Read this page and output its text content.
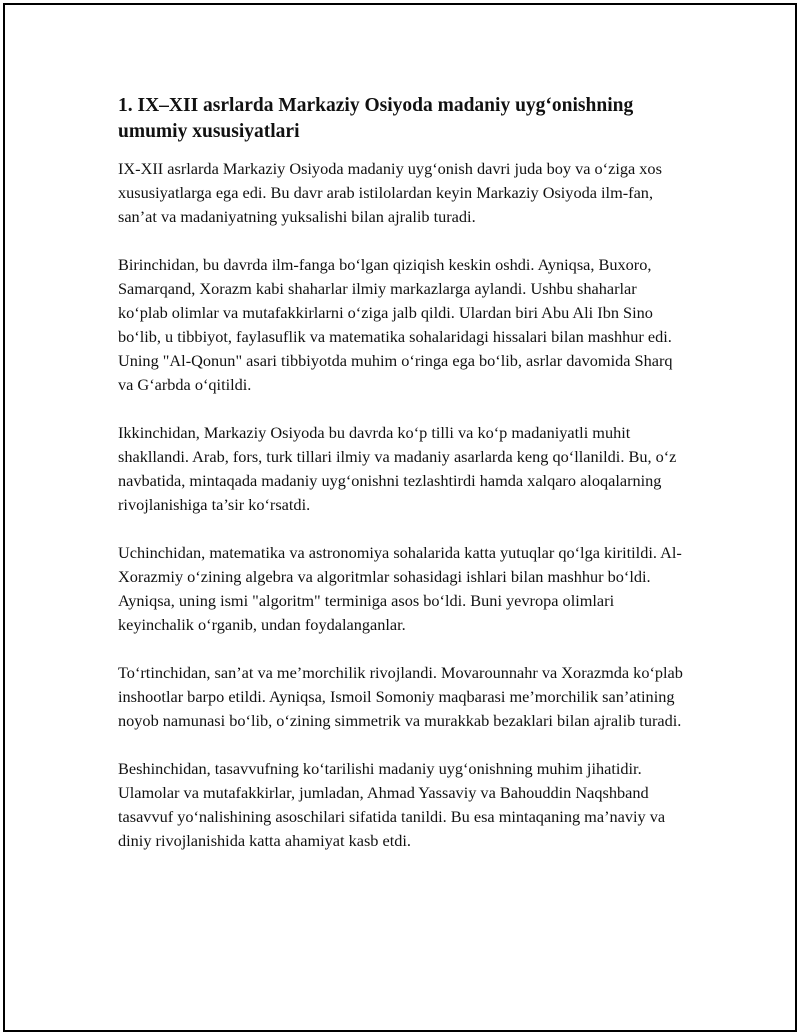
1. IX–XII asrlarda Markaziy Osiyoda madaniy uyg‘onishning umumiy xususiyatlari

IX-XII asrlarda Markaziy Osiyoda madaniy uyg‘onish davri juda boy va o‘ziga xos xususiyatlarga ega edi. Bu davr arab istilolardan keyin Markaziy Osiyoda ilm-fan, san’at va madaniyatning yuksalishi bilan ajralib turadi.

Birinchidan, bu davrda ilm-fanga bo‘lgan qiziqish keskin oshdi. Ayniqsa, Buxoro, Samarqand, Xorazm kabi shaharlar ilmiy markazlarga aylandi. Ushbu shaharlar ko‘plab olimlar va mutafakkirlarni o‘ziga jalb qildi. Ulardan biri Abu Ali Ibn Sino bo‘lib, u tibbiyot, faylasuflik va matematika sohalaridagi hissalari bilan mashhur edi. Uning "Al-Qonun" asari tibbiyotda muhim o‘ringa ega bo‘lib, asrlar davomida Sharq va G‘arbda o‘qitildi.

Ikkinchidan, Markaziy Osiyoda bu davrda ko‘p tilli va ko‘p madaniyatli muhit shakllandi. Arab, fors, turk tillari ilmiy va madaniy asarlarda keng qo‘llanildi. Bu, o‘z navbatida, mintaqada madaniy uyg‘onishni tezlashtirdi hamda xalqaro aloqalarning rivojlanishiga ta’sir ko‘rsatdi.

Uchinchidan, matematika va astronomiya sohalarida katta yutuqlar qo‘lga kiritildi. Al-Xorazmiy o‘zining algebra va algoritmlar sohasidagi ishlari bilan mashhur bo‘ldi. Ayniqsa, uning ismi "algoritm" terminiga asos bo‘ldi. Buni yevropa olimlari keyinchalik o‘rganib, undan foydalanganlar.

To‘rtinchidan, san’at va me’morchilik rivojlandi. Movarounnahr va Xorazmda ko‘plab inshootlar barpo etildi. Ayniqsa, Ismoil Somoniy maqbarasi me’morchilik san’atining noyob namunasi bo‘lib, o‘zining simmetrik va murakkab bezaklari bilan ajralib turadi.

Beshinchidan, tasavvufning ko‘tarilishi madaniy uyg‘onishning muhim jihatidir. Ulamolar va mutafakkirlar, jumladan, Ahmad Yassaviy va Bahouddin Naqshband tasavvuf yo‘nalishining asoschilari sifatida tanildi. Bu esa mintaqaning ma’naviy va diniy rivojlanishida katta ahamiyat kasb etdi.
